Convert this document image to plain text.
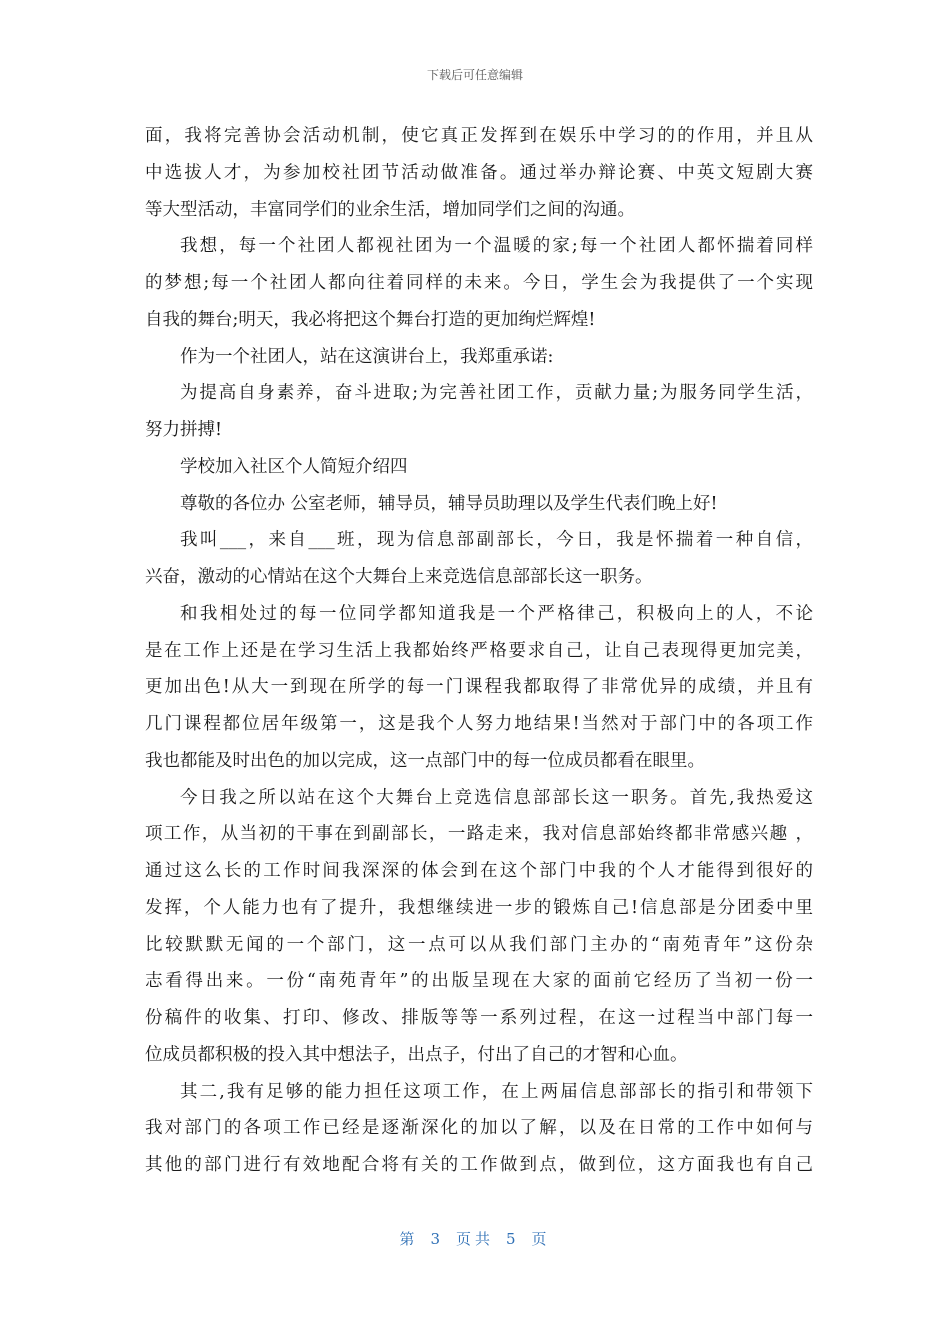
下载后可任意编辑
面，我将完善协会活动机制，使它真正发挥到在娱乐中学习的的作用，并且从
中选拔人才，为参加校社团节活动做准备。通过举办辩论赛、中英文短剧大赛
等大型活动，丰富同学们的业余生活，增加同学们之间的沟通。
我想，每一个社团人都视社团为一个温暖的家;每一个社团人都怀揣着同样
的梦想;每一个社团人都向往着同样的未来。今日，学生会为我提供了一个实现
自我的舞台;明天，我必将把这个舞台打造的更加绚烂辉煌!
作为一个社团人，站在这演讲台上，我郑重承诺:
为提高自身素养，奋斗进取;为完善社团工作，贡献力量;为服务同学生活，
努力拼搏!
学校加入社区个人简短介绍四
尊敬的各位办 公室老师，辅导员，辅导员助理以及学生代表们晚上好!
我叫___，来自___班，现为信息部副部长，今日，我是怀揣着一种自信，
兴奋，激动的心情站在这个大舞台上来竞选信息部部长这一职务。
和我相处过的每一位同学都知道我是一个严格律己，积极向上的人，不论
是在工作上还是在学习生活上我都始终严格要求自己，让自己表现得更加完美，
更加出色!从大一到现在所学的每一门课程我都取得了非常优异的成绩，并且有
几门课程都位居年级第一，这是我个人努力地结果!当然对于部门中的各项工作
我也都能及时出色的加以完成，这一点部门中的每一位成员都看在眼里。
今日我之所以站在这个大舞台上竞选信息部部长这一职务。首先,我热爱这
项工作，从当初的干事在到副部长，一路走来，我对信息部始终都非常感兴趣 ，
通过这么长的工作时间我深深的体会到在这个部门中我的个人才能得到很好的
发挥，个人能力也有了提升，我想继续进一步的锻炼自己!信息部是分团委中里
比较默默无闻的一个部门，这一点可以从我们部门主办的“南苑青年”这份杂
志看得出来。一份“南苑青年”的出版呈现在大家的面前它经历了当初一份一
份稿件的收集、打印、修改、排版等等一系列过程，在这一过程当中部门每一
位成员都积极的投入其中想法子，出点子，付出了自己的才智和心血。
其二,我有足够的能力担任这项工作，在上两届信息部部长的指引和带领下
我对部门的各项工作已经是逐渐深化的加以了解，以及在日常的工作中如何与
其他的部门进行有效地配合将有关的工作做到点，做到位，这方面我也有自己
第 3 页共 5 页
